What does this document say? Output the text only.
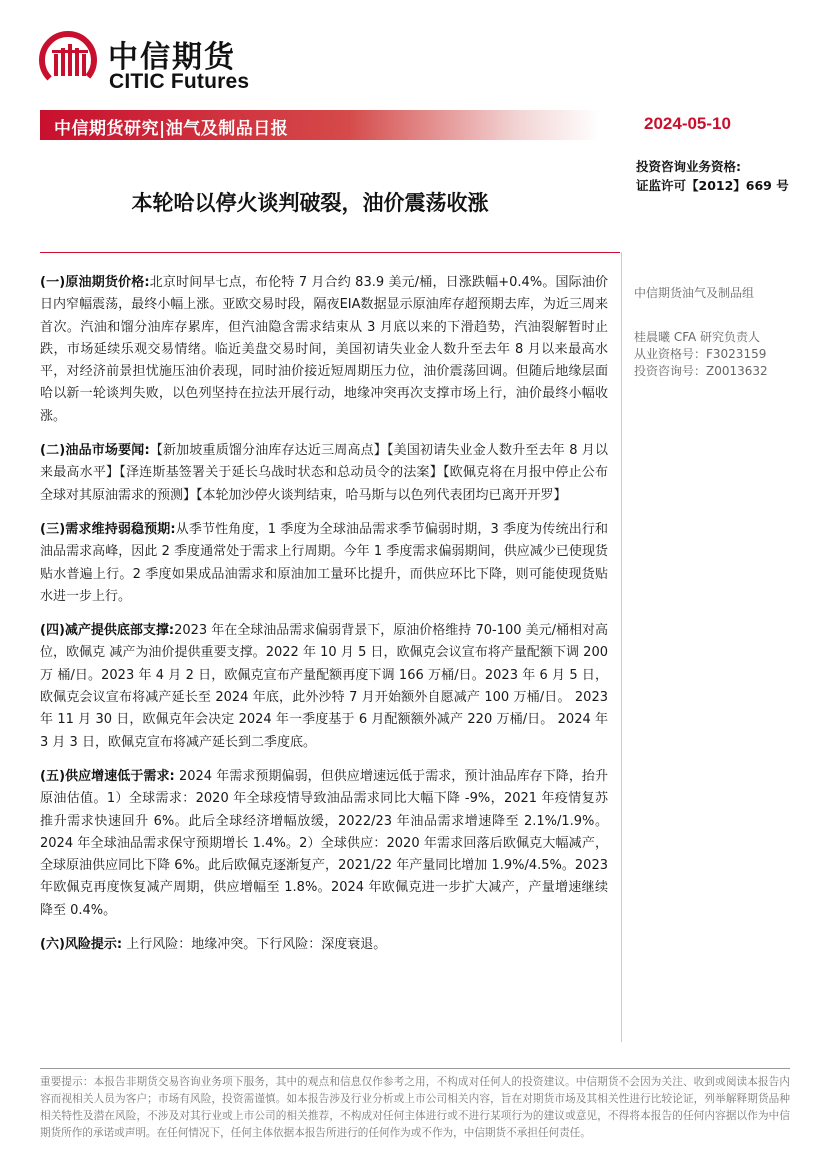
中信期货
CITIC Futures
中信期货研究|油气及制品日报	2024-05-10
投资咨询业务资格:
证监许可【2012】669 号
本轮哈以停火谈判破裂，油价震荡收涨

(一)原油期货价格:北京时间早七点，布伦特 7 月合约 83.9 美元/桶，日涨跌幅+0.4%。国际油价日内窄幅震荡，最终小幅上涨。亚欧交易时段，隔夜EIA数据显示原油库存超预期去库，为近三周来首次。汽油和馏分油库存累库，但汽油隐含需求结束从 3 月底以来的下滑趋势，汽油裂解暂时止跌，市场延续乐观交易情绪。临近美盘交易时间，美国初请失业金人数升至去年 8 月以来最高水平，对经济前景担忧施压油价表现，同时油价接近短周期压力位，油价震荡回调。但随后地缘层面哈以新一轮谈判失败，以色列坚持在拉法开展行动，地缘冲突再次支撑市场上行，油价最终小幅收涨。

(二)油品市场要闻:【新加坡重质馏分油库存达近三周高点】【美国初请失业金人数升至去年 8 月以来最高水平】【泽连斯基签署关于延长乌战时状态和总动员令的法案】【欧佩克将在月报中停止公布全球对其原油需求的预测】【本轮加沙停火谈判结束，哈马斯与以色列代表团均已离开开罗】

(三)需求维持弱稳预期:从季节性角度，1 季度为全球油品需求季节偏弱时期，3 季度为传统出行和油品需求高峰，因此 2 季度通常处于需求上行周期。今年 1 季度需求偏弱期间，供应减少已使现货贴水普遍上行。2 季度如果成品油需求和原油加工量环比提升，而供应环比下降，则可能使现货贴水进一步上行。

(四)减产提供底部支撑:2023 年在全球油品需求偏弱背景下，原油价格维持 70-100 美元/桶相对高位，欧佩克 减产为油价提供重要支撑。2022 年 10 月 5 日，欧佩克会议宣布将产量配额下调 200 万 桶/日。2023 年 4 月 2 日，欧佩克宣布产量配额再度下调 166 万桶/日。2023 年 6 月 5 日， 欧佩克会议宣布将减产延长至 2024 年底，此外沙特 7 月开始额外自愿减产 100 万桶/日。 2023 年 11 月 30 日，欧佩克年会决定 2024 年一季度基于 6 月配额额外减产 220 万桶/日。 2024 年 3 月 3 日，欧佩克宣布将减产延长到二季度底。

(五)供应增速低于需求: 2024 年需求预期偏弱，但供应增速远低于需求，预计油品库存下降，抬升原油估值。1）全球需求：2020 年全球疫情导致油品需求同比大幅下降 -9%，2021 年疫情复苏 推升需求快速回升 6%。此后全球经济增幅放缓，2022/23 年油品需求增速降至 2.1%/1.9%。2024 年全球油品需求保守预期增长 1.4%。2）全球供应：2020 年需求回落后欧佩克大幅减产，全球原油供应同比下降 6%。此后欧佩克逐渐复产，2021/22 年产量同比增加 1.9%/4.5%。2023 年欧佩克再度恢复减产周期，供应增幅至 1.8%。2024 年欧佩克进一步扩大减产，产量增速继续降至 0.4%。

(六)风险提示: 上行风险：地缘冲突。下行风险：深度衰退。

中信期货油气及制品组
桂晨曦 CFA 研究负责人
从业资格号：F3023159
投资咨询号：Z0013632
重要提示：本报告非期货交易咨询业务项下服务，其中的观点和信息仅作参考之用，不构成对任何人的投资建议。中信期货不会因为关注、收到或阅读本报告内容而视相关人员为客户；市场有风险，投资需谨慎。如本报告涉及行业分析或上市公司相关内容，旨在对期货市场及其相关性进行比较论证，列举解释期货品种相关特性及潜在风险，不涉及对其行业或上市公司的相关推荐，不构成对任何主体进行或不进行某项行为的建议或意见，不得将本报告的任何内容据以作为中信期货所作的承诺或声明。在任何情况下，任何主体依据本报告所进行的任何作为或不作为，中信期货不承担任何责任。
